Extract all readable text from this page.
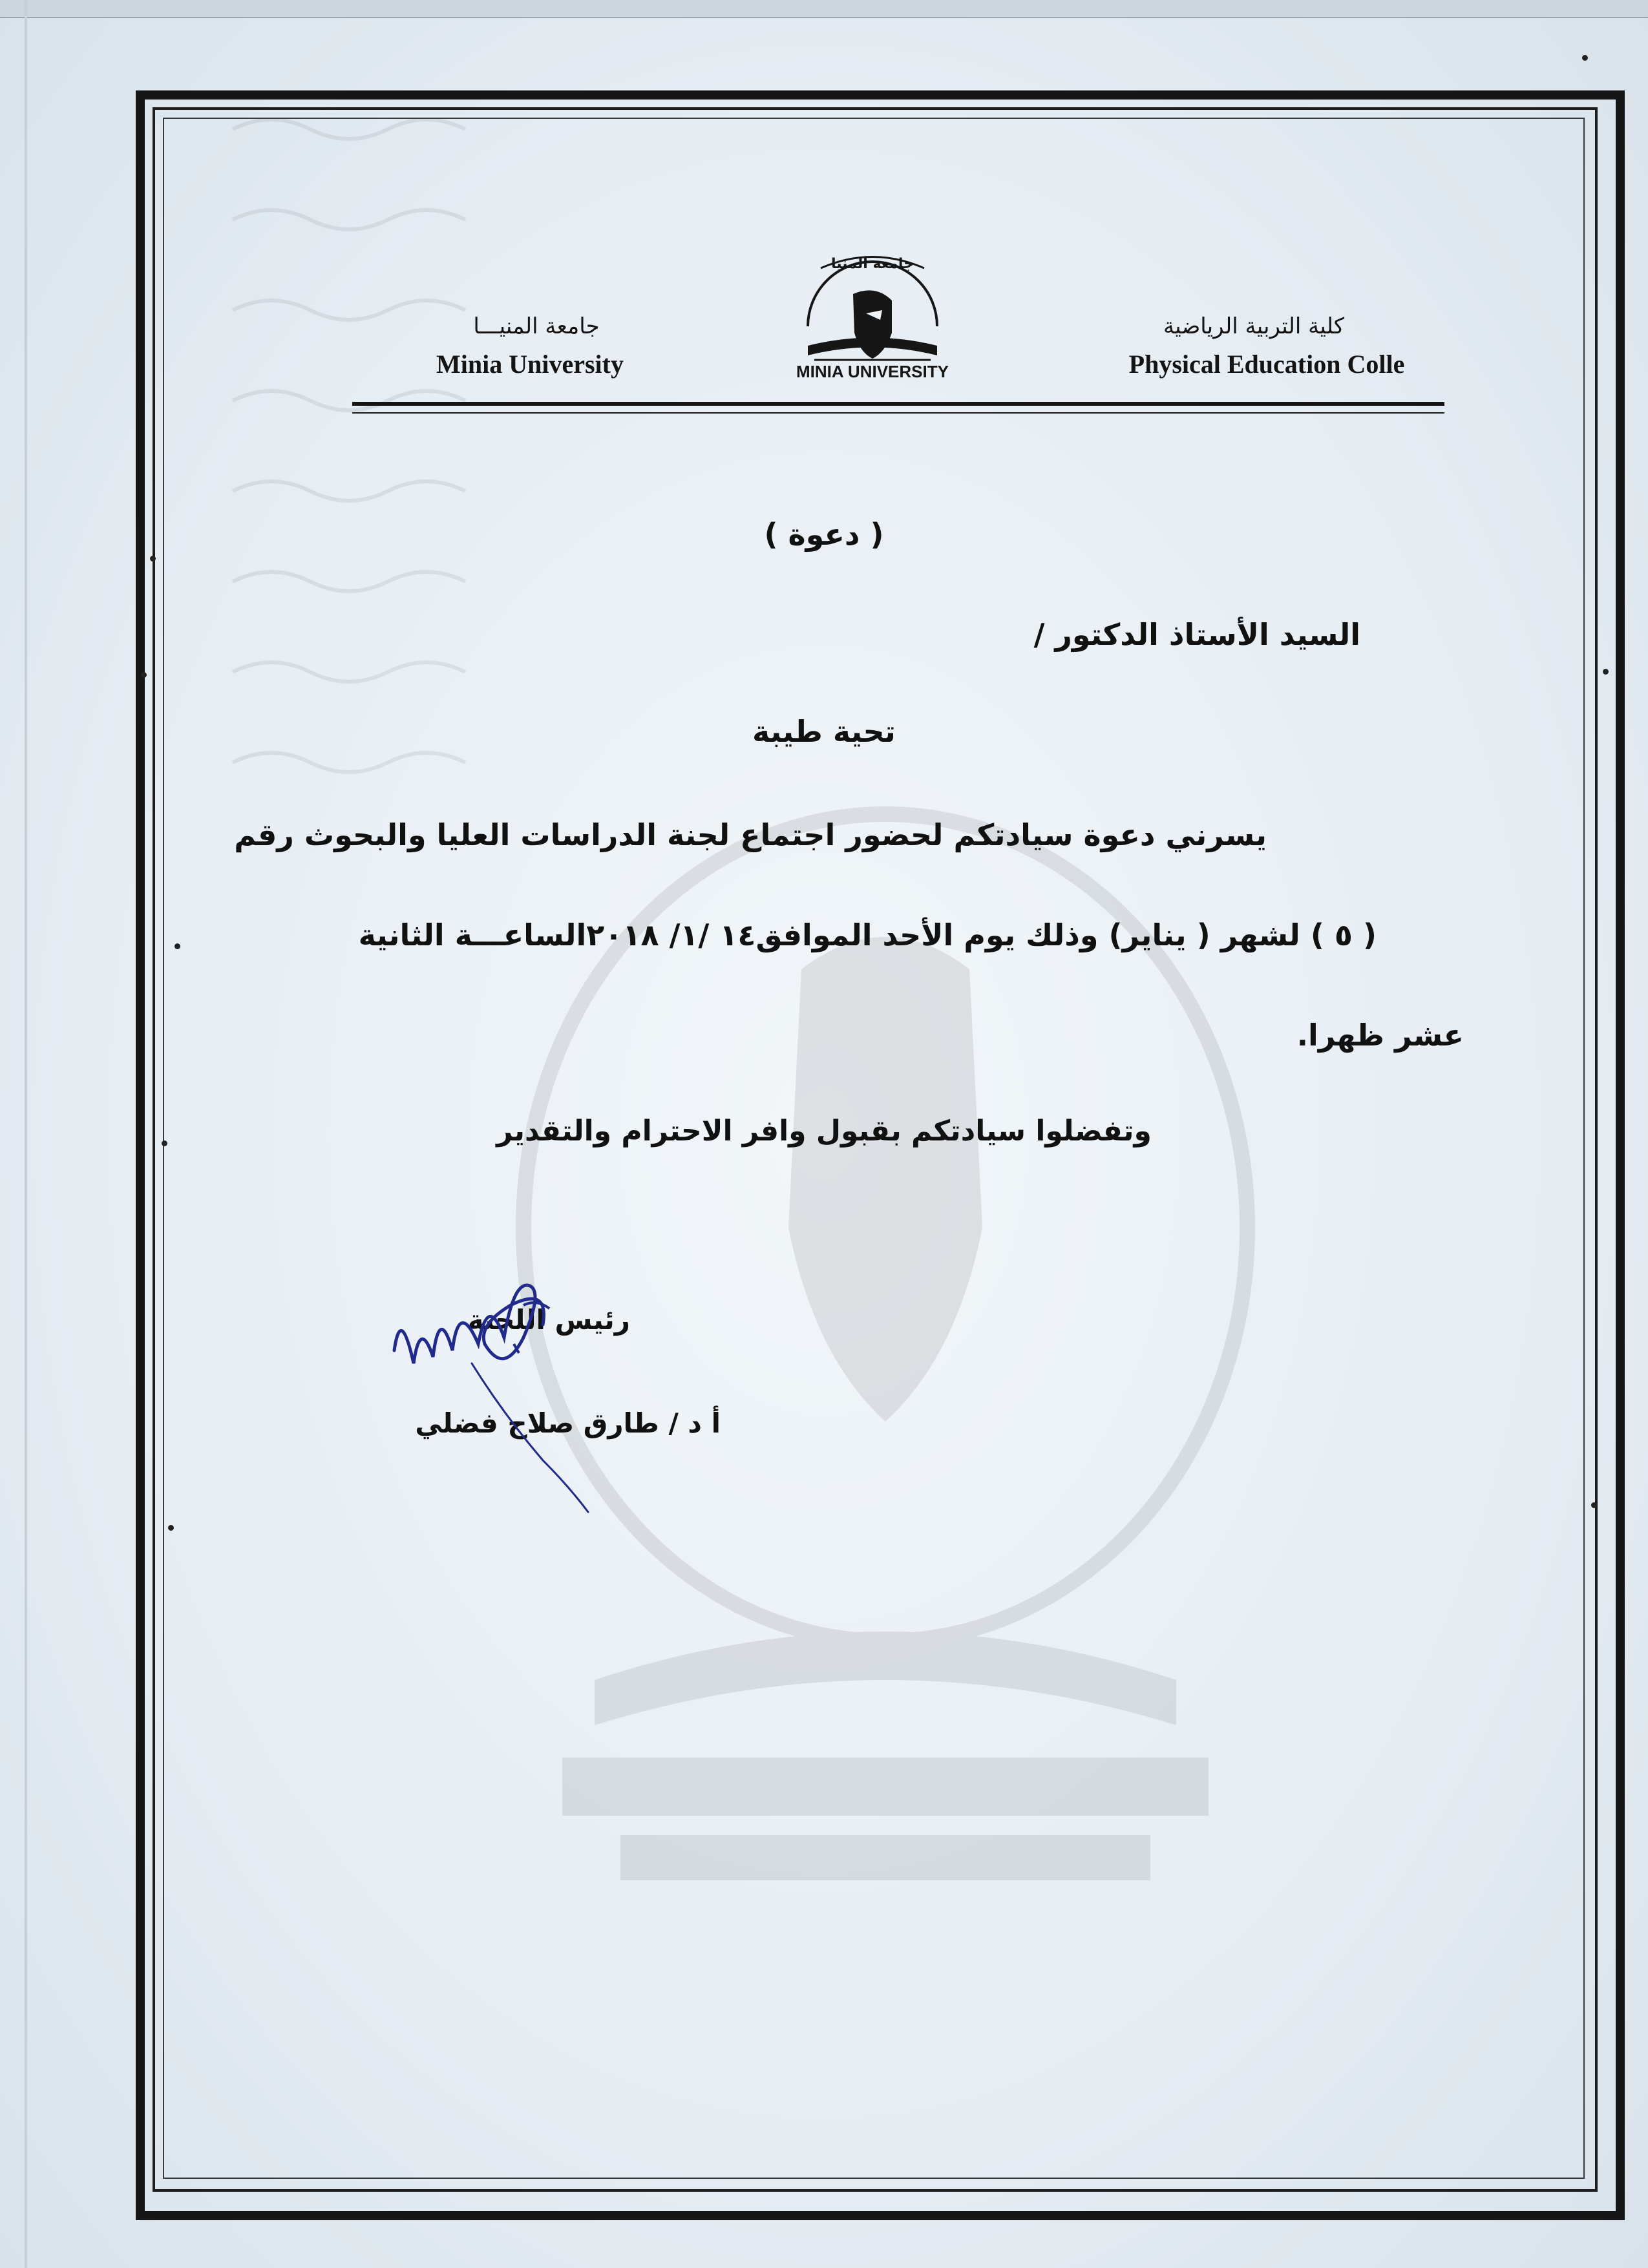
كلية التربية الرياضية
Physical Education Colle
جامعة المنيـــا
Minia University
جامعة المنيا
MINIA UNIVERSITY
( دعوة )
السيد الأستاذ الدكتور /
تحية طيبة
يسرني دعوة سيادتكم لحضور اجتماع لجنة الدراسات العليا والبحوث رقم
( ٥ ) لشهر ( يناير) وذلك يوم الأحد الموافق١٤ /١/ ٢٠١٨الساعـــة الثانية
عشر ظهرا.
وتفضلوا سيادتكم بقبول وافر الاحترام والتقدير
رئيس اللجنة
أ د / طارق صلاح فضلي
